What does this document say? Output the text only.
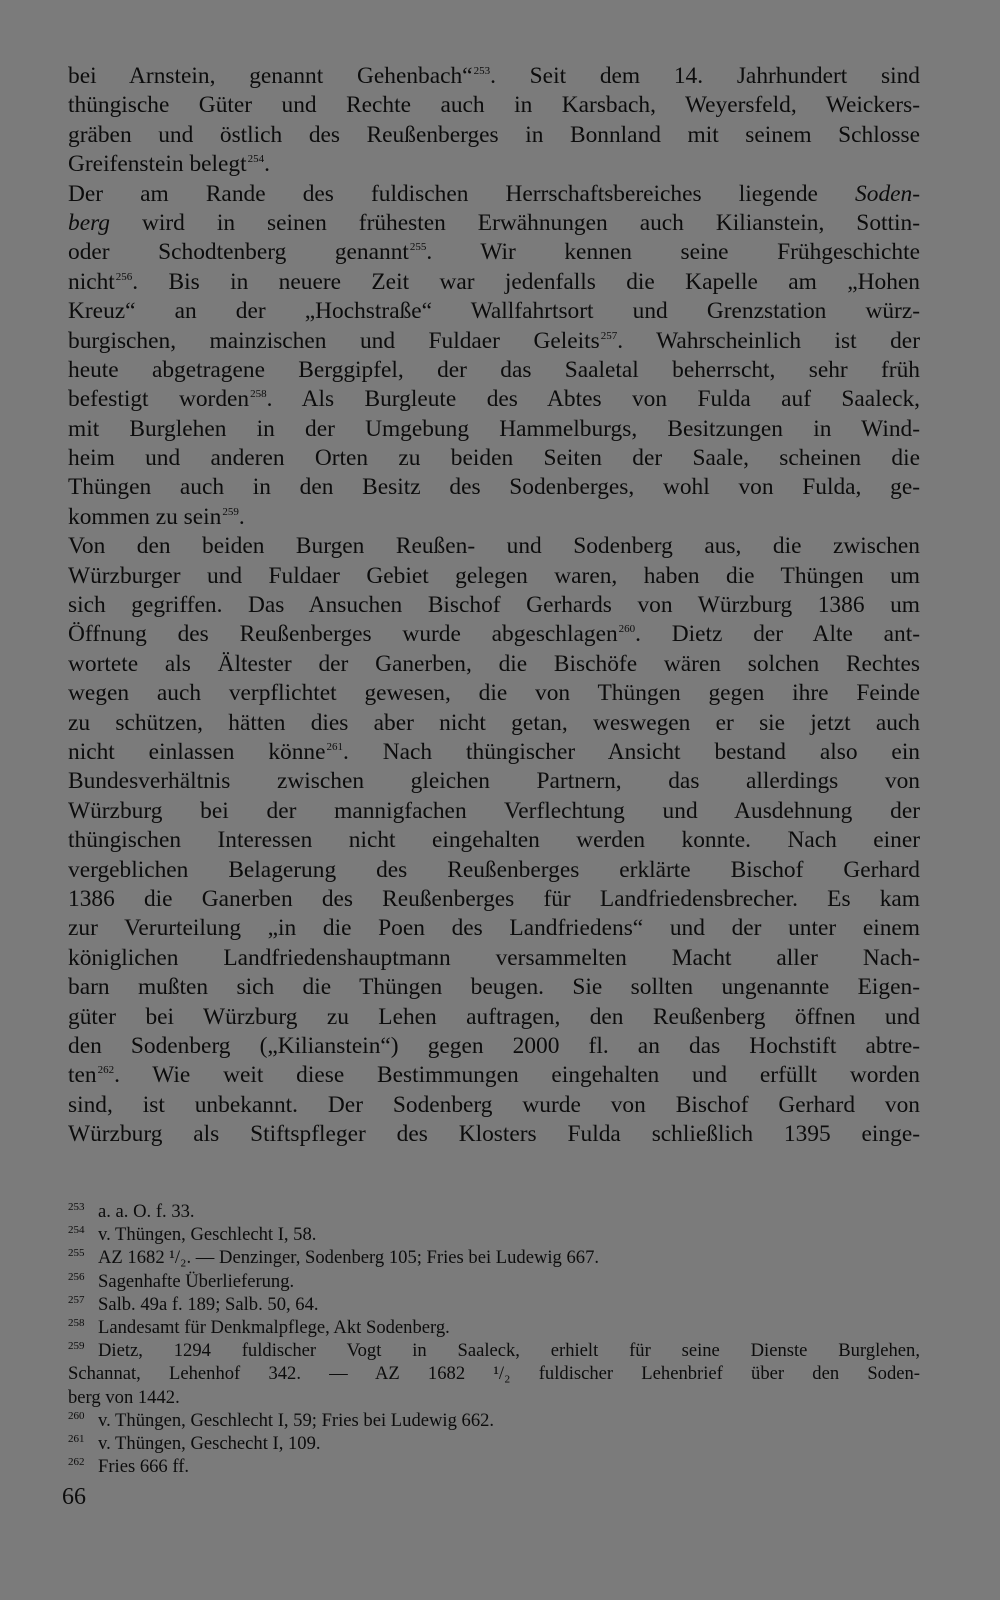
bei Arnstein, genannt Gehenbach“$^{253}$. Seit dem 14. Jahrhundert sind
thüngische Güter und Rechte auch in Karsbach, Weyersfeld, Weickers-
gräben und östlich des Reußenberges in Bonnland mit seinem Schlosse
Greifenstein belegt$^{254}$.
Der am Rande des fuldischen Herrschaftsbereiches liegende Soden-
berg wird in seinen frühesten Erwähnungen auch Kilianstein, Sottin-
oder Schodtenberg genannt$^{255}$. Wir kennen seine Frühgeschichte
nicht$^{256}$. Bis in neuere Zeit war jedenfalls die Kapelle am „Hohen
Kreuz“ an der „Hochstraße“ Wallfahrtsort und Grenzstation würz-
burgischen, mainzischen und Fuldaer Geleits$^{257}$. Wahrscheinlich ist der
heute abgetragene Berggipfel, der das Saaletal beherrscht, sehr früh
befestigt worden$^{258}$. Als Burgleute des Abtes von Fulda auf Saaleck,
mit Burglehen in der Umgebung Hammelburgs, Besitzungen in Wind-
heim und anderen Orten zu beiden Seiten der Saale, scheinen die
Thüngen auch in den Besitz des Sodenberges, wohl von Fulda, ge-
kommen zu sein$^{259}$.
Von den beiden Burgen Reußen- und Sodenberg aus, die zwischen
Würzburger und Fuldaer Gebiet gelegen waren, haben die Thüngen um
sich gegriffen. Das Ansuchen Bischof Gerhards von Würzburg 1386 um
Öffnung des Reußenberges wurde abgeschlagen$^{260}$. Dietz der Alte ant-
wortete als Ältester der Ganerben, die Bischöfe wären solchen Rechtes
wegen auch verpflichtet gewesen, die von Thüngen gegen ihre Feinde
zu schützen, hätten dies aber nicht getan, weswegen er sie jetzt auch
nicht einlassen könne$^{261}$. Nach thüngischer Ansicht bestand also ein
Bundesverhältnis zwischen gleichen Partnern, das allerdings von
Würzburg bei der mannigfachen Verflechtung und Ausdehnung der
thüngischen Interessen nicht eingehalten werden konnte. Nach einer
vergeblichen Belagerung des Reußenberges erklärte Bischof Gerhard
1386 die Ganerben des Reußenberges für Landfriedensbrecher. Es kam
zur Verurteilung „in die Poen des Landfriedens“ und der unter einem
königlichen Landfriedenshauptmann versammelten Macht aller Nach-
barn mußten sich die Thüngen beugen. Sie sollten ungenannte Eigen-
güter bei Würzburg zu Lehen auftragen, den Reußenberg öffnen und
den Sodenberg („Kilianstein“) gegen 2000 fl. an das Hochstift abtre-
ten$^{262}$. Wie weit diese Bestimmungen eingehalten und erfüllt worden
sind, ist unbekannt. Der Sodenberg wurde von Bischof Gerhard von
Würzburg als Stiftspfleger des Klosters Fulda schließlich 1395 einge-
253 a. a. O. f. 33.
254 v. Thüngen, Geschlecht I, 58.
255 AZ 1682 ¹/₂. — Denzinger, Sodenberg 105; Fries bei Ludewig 667.
256 Sagenhafte Überlieferung.
257 Salb. 49a f. 189; Salb. 50, 64.
258 Landesamt für Denkmalpflege, Akt Sodenberg.
259 Dietz, 1294 fuldischer Vogt in Saaleck, erhielt für seine Dienste Burglehen,
Schannat, Lehenhof 342. — AZ 1682 ¹/₂ fuldischer Lehenbrief über den Soden-
berg von 1442.
260 v. Thüngen, Geschlecht I, 59; Fries bei Ludewig 662.
261 v. Thüngen, Geschecht I, 109.
262 Fries 666 ff.
66
